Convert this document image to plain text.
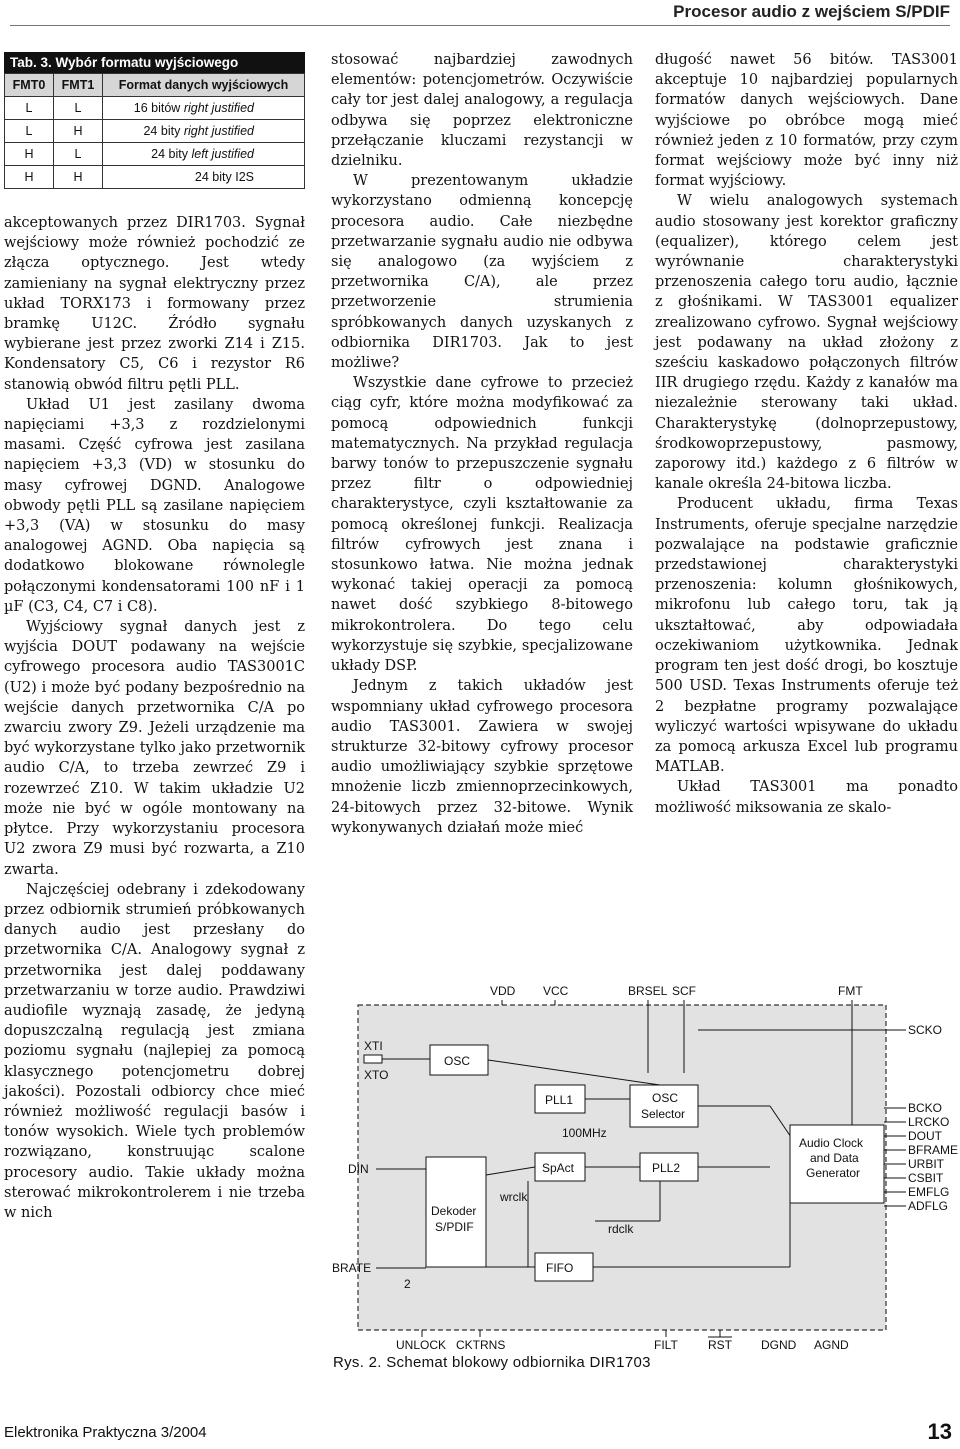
Procesor audio z wejściem S/PDIF
Tab. 3. Wybór formatu wyjściowego
FMT0	FMT1	Format danych wyjściowych
L	L	16 bitów right justified
L	H	24 bity right justified
H	L	24 bity left justified
H	H	24 bity I2S

akceptowanych przez DIR1703. Sygnał wejściowy może również pochodzić ze złącza optycznego. Jest wtedy zamieniany na sygnał elektryczny przez układ TORX173 i formowany przez bramkę U12C. Źródło sygnału wybierane jest przez zworki Z14 i Z15. Kondensatory C5, C6 i rezystor R6 stanowią obwód filtru pętli PLL.

Układ U1 jest zasilany dwoma napięciami +3,3 z rozdzielonymi masami. Część cyfrowa jest zasilana napięciem +3,3 (VD) w stosunku do masy cyfrowej DGND. Analogowe obwody pętli PLL są zasilane napięciem +3,3 (VA) w stosunku do masy analogowej AGND. Oba napięcia są dodatkowo blokowane równolegle połączonymi kondensatorami 100 nF i 1 µF (C3, C4, C7 i C8).

Wyjściowy sygnał danych jest z wyjścia DOUT podawany na wejście cyfrowego procesora audio TAS3001C (U2) i może być podany bezpośrednio na wejście danych przetwornika C/A po zwarciu zwory Z9. Jeżeli urządzenie ma być wykorzystane tylko jako przetwornik audio C/A, to trzeba zewrzeć Z9 i rozewrzeć Z10. W takim układzie U2 może nie być w ogóle montowany na płytce. Przy wykorzystaniu procesora U2 zwora Z9 musi być rozwarta, a Z10 zwarta.

Najczęściej odebrany i zdekodowany przez odbiornik strumień próbkowanych danych audio jest przesłany do przetwornika C/A. Analogowy sygnał z przetwornika jest dalej poddawany przetwarzaniu w torze audio. Prawdziwi audiofile wyznają zasadę, że jedyną dopuszczalną regulacją jest zmiana poziomu sygnału (najlepiej za pomocą klasycznego potencjometru dobrej jakości). Pozostali odbiorcy chce mieć również możliwość regulacji basów i tonów wysokich. Wiele tych problemów rozwiązano, konstruując scalone procesory audio. Takie układy można sterować mikrokontrolerem i nie trzeba w nich

stosować najbardziej zawodnych elementów: potencjometrów. Oczywiście cały tor jest dalej analogowy, a regulacja odbywa się poprzez elektroniczne przełączanie kluczami rezystancji w dzielniku.

W prezentowanym układzie wykorzystano odmienną koncepcję procesora audio. Całe niezbędne przetwarzanie sygnału audio nie odbywa się analogowo (za wyjściem z przetwornika C/A), ale przez przetworzenie strumienia spróbkowanych danych uzyskanych z odbiornika DIR1703. Jak to jest możliwe?

Wszystkie dane cyfrowe to przecież ciąg cyfr, które można modyfikować za pomocą odpowiednich funkcji matematycznych. Na przykład regulacja barwy tonów to przepuszczenie sygnału przez filtr o odpowiedniej charakterystyce, czyli kształtowanie za pomocą określonej funkcji. Realizacja filtrów cyfrowych jest znana i stosunkowo łatwa. Nie można jednak wykonać takiej operacji za pomocą nawet dość szybkiego 8-bitowego mikrokontrolera. Do tego celu wykorzystuje się szybkie, specjalizowane układy DSP.

Jednym z takich układów jest wspomniany układ cyfrowego procesora audio TAS3001. Zawiera w swojej strukturze 32-bitowy cyfrowy procesor audio umożliwiający szybkie sprzętowe mnożenie liczb zmiennoprzecinkowych, 24-bitowych przez 32-bitowe. Wynik wykonywanych działań może mieć

długość nawet 56 bitów. TAS3001 akceptuje 10 najbardziej popularnych formatów danych wejściowych. Dane wyjściowe po obróbce mogą mieć również jeden z 10 formatów, przy czym format wejściowy może być inny niż format wyjściowy.

W wielu analogowych systemach audio stosowany jest korektor graficzny (equalizer), którego celem jest wyrównanie charakterystyki przenoszenia całego toru audio, łącznie z głośnikami. W TAS3001 equalizer zrealizowano cyfrowo. Sygnał wejściowy jest podawany na układ złożony z sześciu kaskadowo połączonych filtrów IIR drugiego rzędu. Każdy z kanałów ma niezależnie sterowany taki układ. Charakterystykę (dolnoprzepustowy, środkowoprzepustowy, pasmowy, zaporowy itd.) każdego z 6 filtrów w kanale określa 24-bitowa liczba.

Producent układu, firma Texas Instruments, oferuje specjalne narzędzie pozwalające na podstawie graficznie przedstawionej charakterystyki przenoszenia: kolumn głośnikowych, mikrofonu lub całego toru, tak ją ukształtować, aby odpowiadała oczekiwaniom użytkownika. Jednak program ten jest dość drogi, bo kosztuje 500 USD. Texas Instruments oferuje też 2 bezpłatne programy pozwalające wyliczyć wartości wpisywane do układu za pomocą arkusza Excel lub programu MATLAB.

Układ TAS3001 ma ponadto możliwość miksowania ze skalo-

VDD VCC	BRSEL SCF	FMT
XTI
XTO
OSC
PLL1
100MHz
OSC
Selector
SpAct	PLL2
DIN
Dekoder
S/PDIF
wrclk
rdclk
FIFO
Audio Clock
and Data
Generator
BRATE
2
UNLOCK CKTRNS	FILT	RST DGND AGND
SCKO
BCKO
LRCKO
DOUT
BFRAME
URBIT
CSBIT
EMFLG
ADFLG
Rys. 2. Schemat blokowy odbiornika DIR1703
Elektronika Praktyczna 3/2004	13
